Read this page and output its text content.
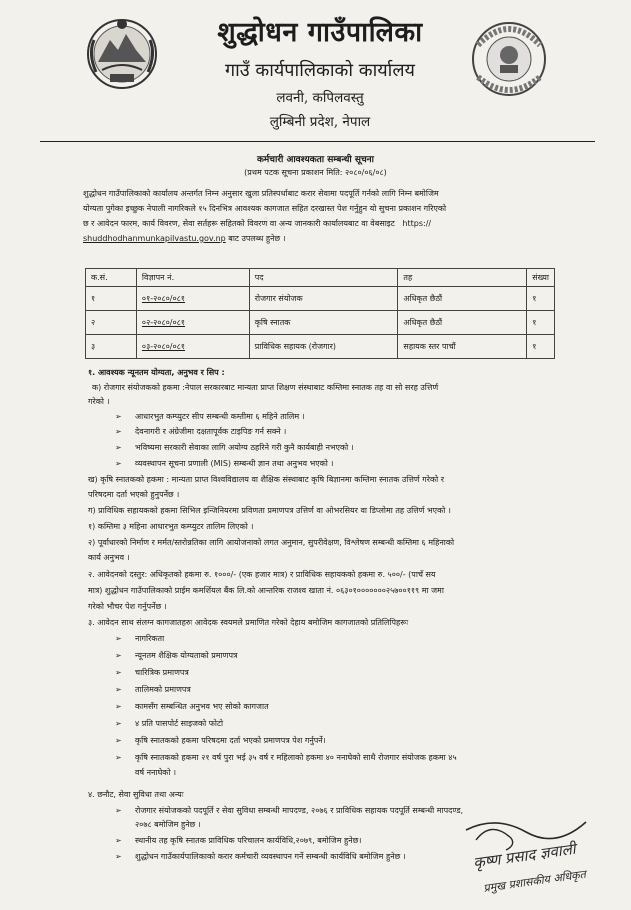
शुद्धोधन गाउँपालिका
गाउँ कार्यपालिकाको कार्यालय
लवनी, कपिलवस्तु
लुम्बिनी प्रदेश, नेपाल
कर्मचारी आवश्यकता सम्बन्धी सूचना
(प्रथम पटक सूचना प्रकाशन मिति: २०८०/०६/०८)
शुद्धोधन गाउँपालिकाको कार्यालय अन्तर्गत निम्न अनुसार खुला प्रतिस्पर्धाबाट करार सेवामा पदपूर्ति गर्नको लागि निम्न बमोजिम
योग्यता पुगेका इच्छुक नेपाली नागरिकले १५ दिनभित्र आवश्यक कागजात सहित दरखास्त पेश गर्नुहुन यो सुचना प्रकाशन गरिएको
छ र आवेदन फारम, कार्य विवरण, सेवा सर्तहरू सहितको विवरण वा अन्य जानकारी कार्यालयबाट वा वेबसाइट https://
shuddhodhanmunkapilvastu.gov.np बाट उपलब्ध हुनेछ ।
क.सं.	विज्ञापन नं.	पद	तह	संख्या
१	०१-२०८०/०८१	रोजगार संयोजक	अधिकृत छैठौं	१
२	०२-२०८०/०८१	कृषि स्नातक	अधिकृत छैठौं	१
३	०३-२०८०/०८१	प्राविधिक सहायक (रोजगार)	सहायक स्तर पाचौं	१
१. आवश्यक न्यूनतम योग्यता, अनुभव र सिप :
क) रोजगार संयोजकको हकमा :नेपाल सरकारबाट मान्यता प्राप्त शिक्षण संस्थाबाट कम्तिमा स्नातक तह वा सो सरह उत्तिर्ण
गरेको ।
➢ आधारभुत कम्प्युटर सीप सम्बन्धी कम्तीमा ६ महिने तालिम ।
➢ देवनागरी र अंग्रेजीमा दक्षतापूर्वक टाइपिङ गर्न सक्ने ।
➢ भविष्यमा सरकारी सेवाका लागि अयोग्य ठहरिने गरी कुनै कार्यबाही नभएको ।
➢ व्यवस्थापन सूचना प्रणाली (MIS) सम्बन्धी ज्ञान तथा अनुभव भएको ।
ख) कृषि स्नातकको हकमा : मान्यता प्राप्त विश्वविद्यालय वा शैक्षिक संस्थाबाट कृषि बिज्ञानमा कम्तिमा स्नातक उत्तिर्ण गरेको र
परिषदमा दर्ता भएको हुनुपर्नेछ ।
ग) प्राविधिक सहायकको हकमा सिभिल इन्जिनियरमा प्रविणता प्रमाणपत्र उत्तिर्ण वा ओभरसियर वा डिप्लोमा तह उत्तिर्ण भएको ।
१) कम्तिमा ३ महिना आधारभुत कम्प्युटर तालिम लिएको ।
२) पूर्वाधारको निर्माण र मर्मत/स्तरोन्नतिका लागि आयोजनाको लगत अनुमान, सुपरीवेक्षण, विश्लेषण सम्बन्धी कम्तिमा ६ महिनाको
कार्य अनुभव ।
२. आवेदनको दस्तुर: अधिकृतको हकमा रु. १०००/- (एक हजार मात्र) र प्राविधिक सहायकको हकमा रु. ५००/- (पाचँ सय
मात्र) शुद्धोधन गाउँपालिकाको प्राईम कमर्शियल बैंक लि.को आन्तरिक राजश्व खाता नं. ०६३०१०००००००२५७००११९ मा जमा
गरेको भौचर पेश गर्नुपर्नेछ ।
३. आवेदन साथ संलग्न कागजातहरुः आवेदक स्वयमले प्रमाणित गरेको देहाय बमोजिम कागजातको प्रतिलिपिहरूः
➢ नागरिकता
➢ न्यूनतम शैक्षिक योग्यताको प्रमाणपत्र
➢ चारित्रिक प्रमाणपत्र
➢ तालिमको प्रमाणपत्र
➢ कामसँग सम्बन्धित अनुभव भए सोको कागजात
➢ ४ प्रति पासपोर्ट साइजको फोटो
➢ कृषि स्नातकको हकमा परिषदमा दर्ता भएको प्रमाणपत्र पेश गर्नुपर्ने।
➢ कृषि स्नातकको हकमा २१ वर्ष पुरा भई ३५ वर्ष र महिलाको हकमा ४० ननाघेको साथै रोजगार संयोजक हकमा ४५
वर्ष ननाघेको ।
४. छनौट, सेवा सुविधा तथा अन्यः
➢ रोजगार संयोजकको पदपूर्ति र सेवा सुविधा सम्बन्धी मापदण्ड, २०७६ र प्राविधिक सहायक पदपूर्ति सम्बन्धी मापदण्ड,
२०७८ बमोजिम हुनेछ ।
➢ स्थानीय तह कृषि स्नातक प्राविधिक परिचालन कार्यविधि,२०७९, बमोजिम हुनेछ।
➢ शुद्धोधन गाउँकार्यपालिकाको करार कर्मचारी व्यवस्थापन गर्ने सम्बन्धी कार्यविधि बमोजिम हुनेछ ।	कृष्ण प्रसाद ज्ञवाली
प्रमुख प्रशासकीय अधिकृत
